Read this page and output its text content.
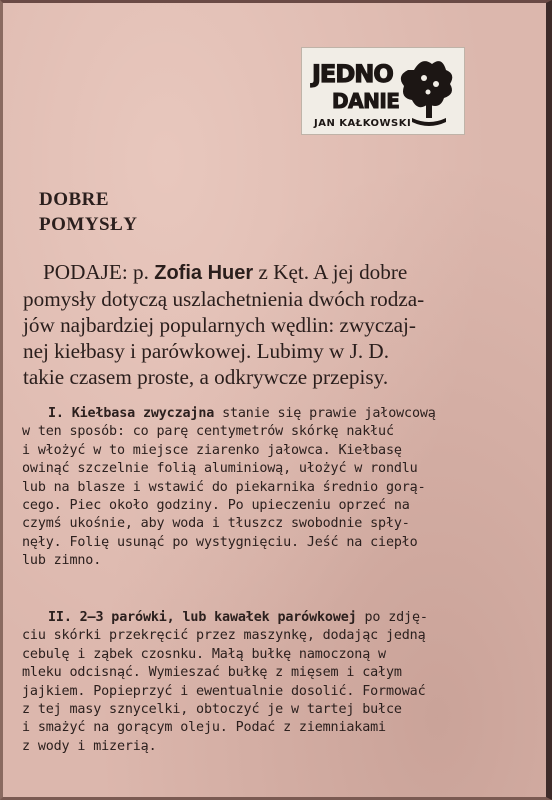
JEDNO
DANIE
JAN KAŁKOWSKI
DOBRE
POMYSŁY
PODAJE: p. Zofia Huer z Kęt. A jej dobre
pomysły dotyczą uszlachetnienia dwóch rodza-
jów najbardziej popularnych wędlin: zwyczaj-
nej kiełbasy i parówkowej. Lubimy w J. D.
takie czasem proste, a odkrywcze przepisy.
I. Kiełbasa zwyczajna stanie się prawie jałowcową
w ten sposób: co parę centymetrów skórkę nakłuć
i włożyć w to miejsce ziarenko jałowca. Kiełbasę
owinąć szczelnie folią aluminiową, ułożyć w rondlu
lub na blasze i wstawić do piekarnika średnio gorą-
cego. Piec około godziny. Po upieczeniu oprzeć na
czymś ukośnie, aby woda i tłuszcz swobodnie spły-
nęły. Folię usunąć po wystygnięciu. Jeść na ciepło
lub zimno.
II. 2—3 parówki, lub kawałek parówkowej po zdję-
ciu skórki przekręcić przez maszynkę, dodając jedną
cebulę i ząbek czosnku. Małą bułkę namoczoną w
mleku odcisnąć. Wymieszać bułkę z mięsem i całym
jajkiem. Popieprzyć i ewentualnie dosolić. Formować
z tej masy sznycelki, obtoczyć je w tartej bułce
i smażyć na gorącym oleju. Podać z ziemniakami
z wody i mizerią.
